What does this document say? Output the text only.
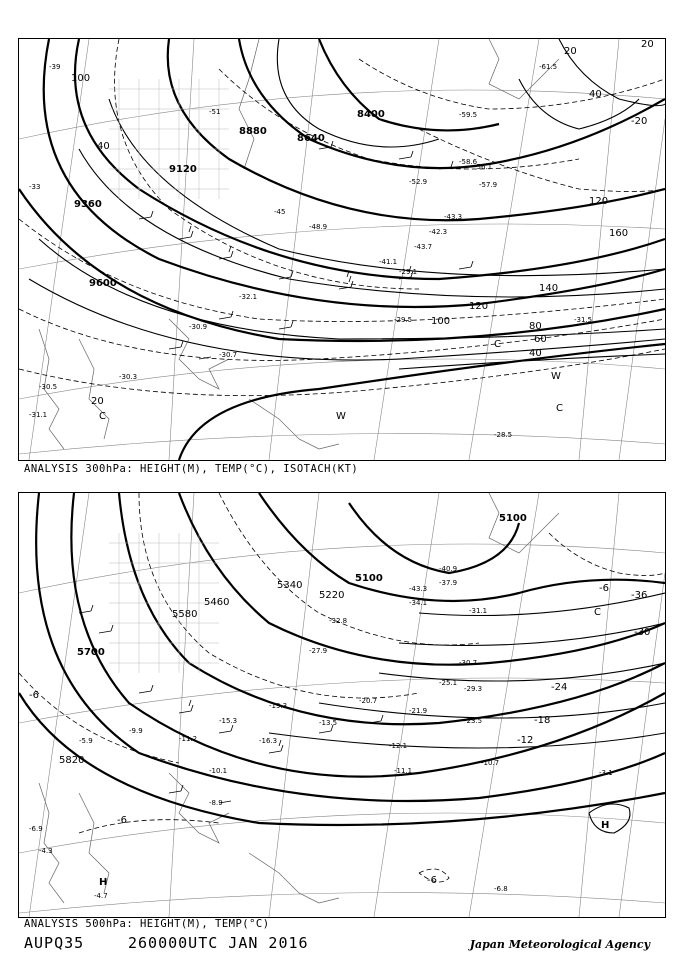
9360
9600
9120
8880
8640
8400
100
120
140
160
120
100	80
60
40
40
20
20
40
20
-20
-33
-39
-51
-45
-48.9
-41.1
-29.1
-30.7
-31.1
-30.5
-30.9
-30.3
-32.1
-29.5	-31.5
-28.5
-59.5
-56.1
-52.9	-57.9
-58.6
-61.5
-42.3
-43.3
-43.7
C
C
W
W
C
ANALYSIS 300hPa: HEIGHT(M), TEMP(°C), ISOTACH(KT)
5100
5100
5220
5340
5460
5580
5700
5820
-36
-30
-24
-18
-12
-6
-6
-6
-6
-40.9
-37.9
-43.3
-31.1
-30.7
-29.3
-23.5
-20.7
-19.3
-15.3
-11.2
-10.1
-8.9
-6.9
-6.8
-4.7
-12.1
-11.1
-10.7
-3.1
-34.1
-32.8
-27.9
-25.1
-21.9
-16.3
-13.5
-9.9
-5.9
-4.3
H
H
C
ANALYSIS 500hPa: HEIGHT(M), TEMP(°C)
AUPQ35	260000UTC JAN 2016	Japan Meteorological Agency
